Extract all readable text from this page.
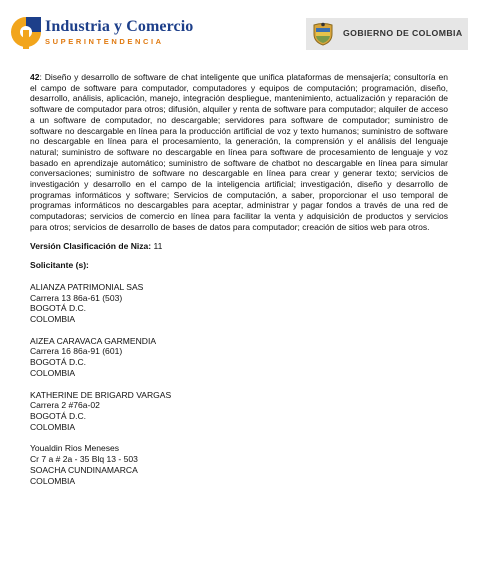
Industria y Comercio
SUPERINTENDENCIA
GOBIERNO DE COLOMBIA

42: Diseño y desarrollo de software de chat inteligente que unifica plataformas de mensajería; consultoría en el campo de software para computador, computadores y equipos de computación; programación, diseño, desarrollo, análisis, aplicación, manejo, integración despliegue, mantenimiento, actualización y reparación de software de computador para otros; difusión, alquiler y renta de software para computador; alquiler de acceso a un software de computador, no descargable; servidores para software de computador; suministro de software no descargable en línea para la producción artificial de voz y texto humanos; suministro de software no descargable en línea para el procesamiento, la generación, la comprensión y el análisis del lenguaje natural; suministro de software no descargable en línea para software de procesamiento de lenguaje y voz basado en aprendizaje automático; suministro de software de chatbot no descargable en línea para simular conversaciones; suministro de software no descargable en línea para crear y generar texto; servicios de investigación y desarrollo en el campo de la inteligencia artificial; investigación, diseño y desarrollo de programas informáticos y software; Servicios de computación, a saber, proporcionar el uso temporal de programas informáticos no descargables para aceptar, administrar y pagar fondos a través de una red de computadoras; servicios de comercio en línea para facilitar la venta y adquisición de productos y servicios para otros; servicios de desarrollo de bases de datos para computador; creación de sitios web para otros.

Versión Clasificación de Niza: 11
Solicitante (s):
ALIANZA PATRIMONIAL SAS
Carrera 13 86a-61 (503)
BOGOTÁ D.C.
COLOMBIA
AIZEA CARAVACA GARMENDIA
Carrera 16 86a-91 (601)
BOGOTÁ D.C.
COLOMBIA
KATHERINE DE BRIGARD VARGAS
Carrera 2 #76a-02
BOGOTÁ D.C.
COLOMBIA
Youaldin Rios Meneses
Cr 7 a # 2a - 35 Blq 13 - 503
SOACHA CUNDINAMARCA
COLOMBIA
